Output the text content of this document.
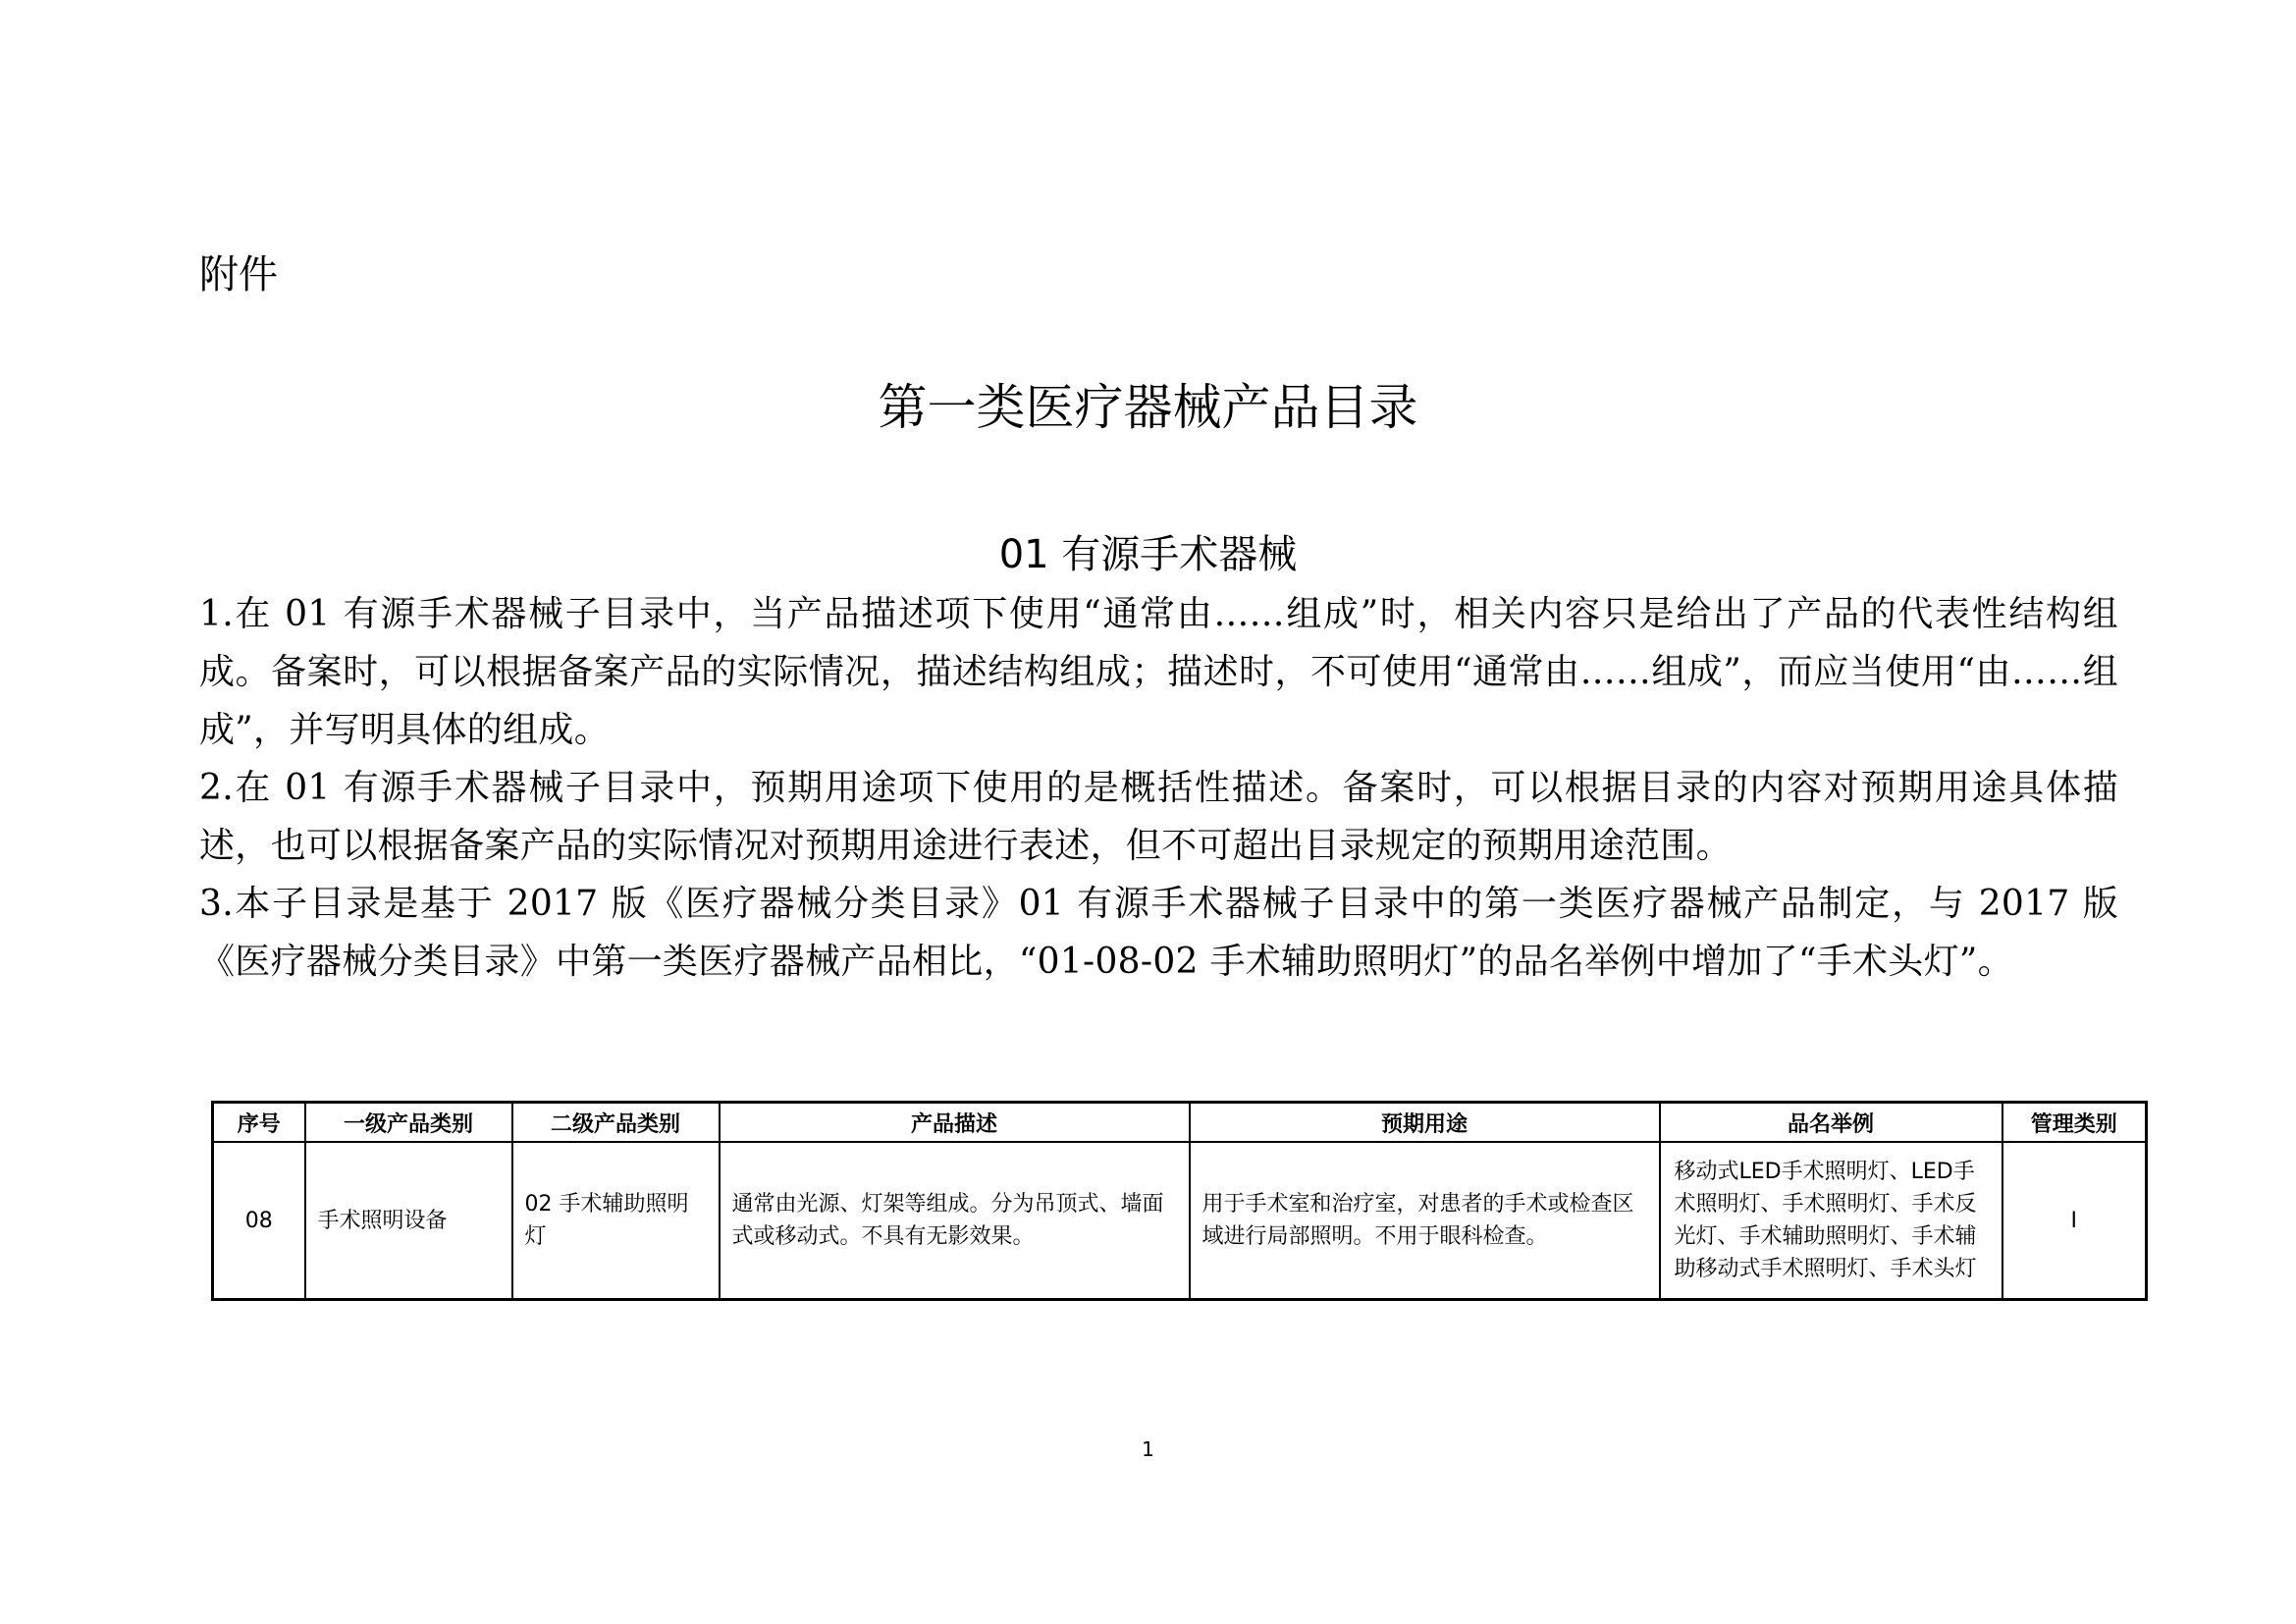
附件
第一类医疗器械产品目录
01 有源手术器械

1.在 01 有源手术器械子目录中，当产品描述项下使用“通常由……组成”时，相关内容只是给出了产品的代表性结构组成。备案时，可以根据备案产品的实际情况，描述结构组成；描述时，不可使用“通常由……组成”，而应当使用“由……组成”，并写明具体的组成。

2.在 01 有源手术器械子目录中，预期用途项下使用的是概括性描述。备案时，可以根据目录的内容对预期用途具体描述，也可以根据备案产品的实际情况对预期用途进行表述，但不可超出目录规定的预期用途范围。

3.本子目录是基于 2017 版《医疗器械分类目录》01 有源手术器械子目录中的第一类医疗器械产品制定，与 2017 版《医疗器械分类目录》中第一类医疗器械产品相比，“01-08-02 手术辅助照明灯”的品名举例中增加了“手术头灯”。

序号	一级产品类别	二级产品类别	产品描述	预期用途	品名举例	管理类别
08	手术照明设备	02 手术辅助照明灯	通常由光源、灯架等组成。分为吊顶式、墙面式或移动式。不具有无影效果。	用于手术室和治疗室，对患者的手术或检查区域进行局部照明。不用于眼科检查。	移动式LED手术照明灯、LED手术照明灯、手术照明灯、手术反光灯、手术辅助照明灯、手术辅助移动式手术照明灯、手术头灯	I
1
